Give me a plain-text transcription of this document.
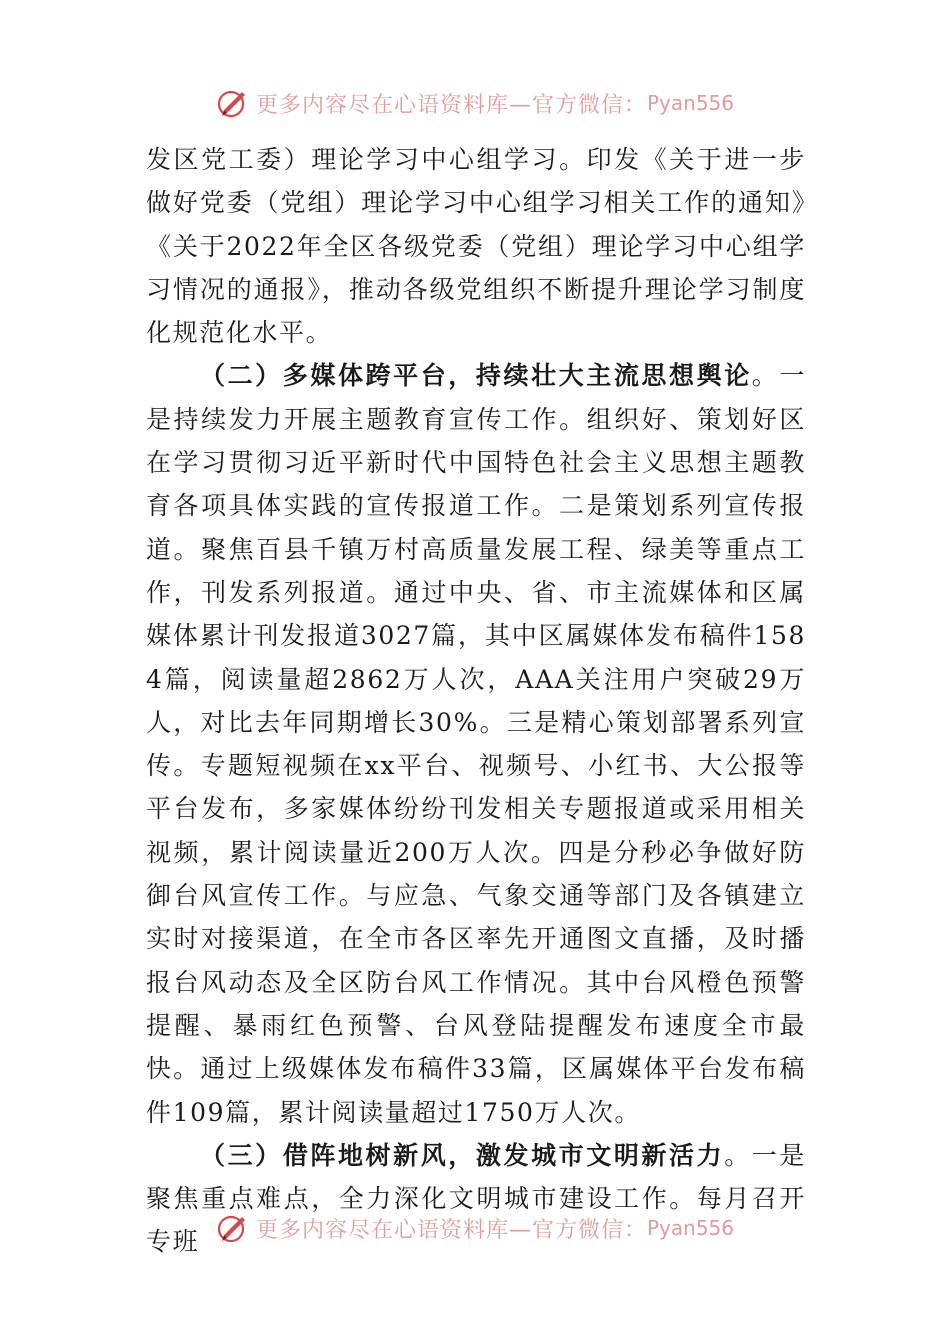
更多内容尽在心语资料库—官方微信： Pyan556

发区党工委）理论学习中心组学习。印发《关于进一步做好党委（党组）理论学习中心组学习相关工作的通知》《关于2022年全区各级党委（党组）理论学习中心组学习情况的通报》，推动各级党组织不断提升理论学习制度化规范化水平。

（二）多媒体跨平台，持续壮大主流思想舆论。一是持续发力开展主题教育宣传工作。组织好、策划好区在学习贯彻习近平新时代中国特色社会主义思想主题教育各项具体实践的宣传报道工作。二是策划系列宣传报道。聚焦百县千镇万村高质量发展工程、绿美等重点工作，刊发系列报道。通过中央、省、市主流媒体和区属媒体累计刊发报道3027篇，其中区属媒体发布稿件1584篇，阅读量超2862万人次，AAA关注用户突破29万人，对比去年同期增长30%。三是精心策划部署系列宣传。专题短视频在xx平台、视频号、小红书、大公报等平台发布，多家媒体纷纷刊发相关专题报道或采用相关视频，累计阅读量近200万人次。四是分秒必争做好防御台风宣传工作。与应急、气象交通等部门及各镇建立实时对接渠道，在全市各区率先开通图文直播，及时播报台风动态及全区防台风工作情况。其中台风橙色预警提醒、暴雨红色预警、台风登陆提醒发布速度全市最快。通过上级媒体发布稿件33篇，区属媒体平台发布稿件109篇，累计阅读量超过1750万人次。

（三）借阵地树新风，激发城市文明新活力。一是聚焦重点难点，全力深化文明城市建设工作。每月召开专班	更多内容尽在心语资料库—官方微信： Pyan556
